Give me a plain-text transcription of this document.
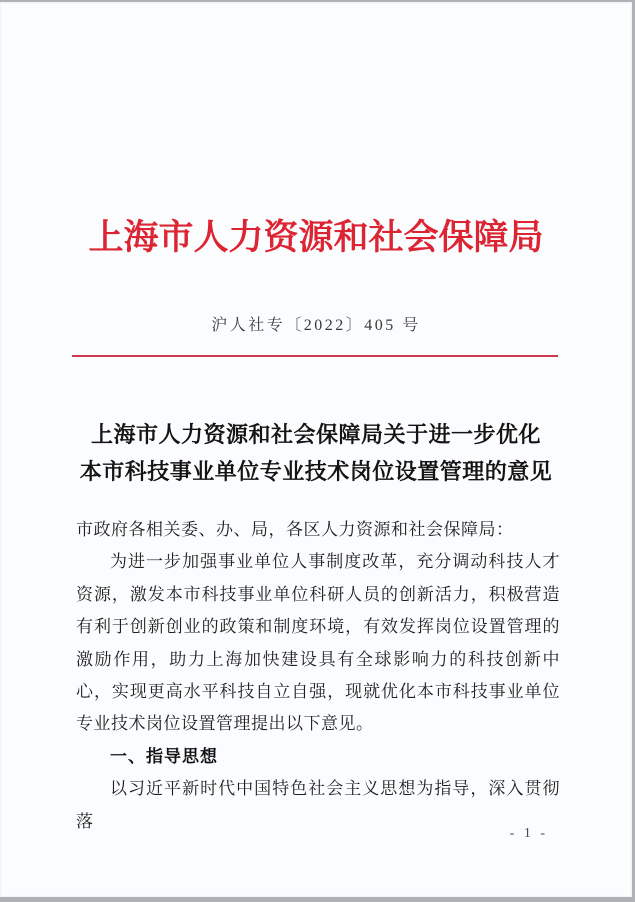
上海市人力资源和社会保障局
沪人社专〔2022〕405 号
上海市人力资源和社会保障局关于进一步优化
本市科技事业单位专业技术岗位设置管理的意见

市政府各相关委、办、局，各区人力资源和社会保障局：

为进一步加强事业单位人事制度改革，充分调动科技人才资源，激发本市科技事业单位科研人员的创新活力，积极营造有利于创新创业的政策和制度环境，有效发挥岗位设置管理的激励作用，助力上海加快建设具有全球影响力的科技创新中心，实现更高水平科技自立自强，现就优化本市科技事业单位专业技术岗位设置管理提出以下意见。

一、指导思想

以习近平新时代中国特色社会主义思想为指导，深入贯彻落

- 1 -
